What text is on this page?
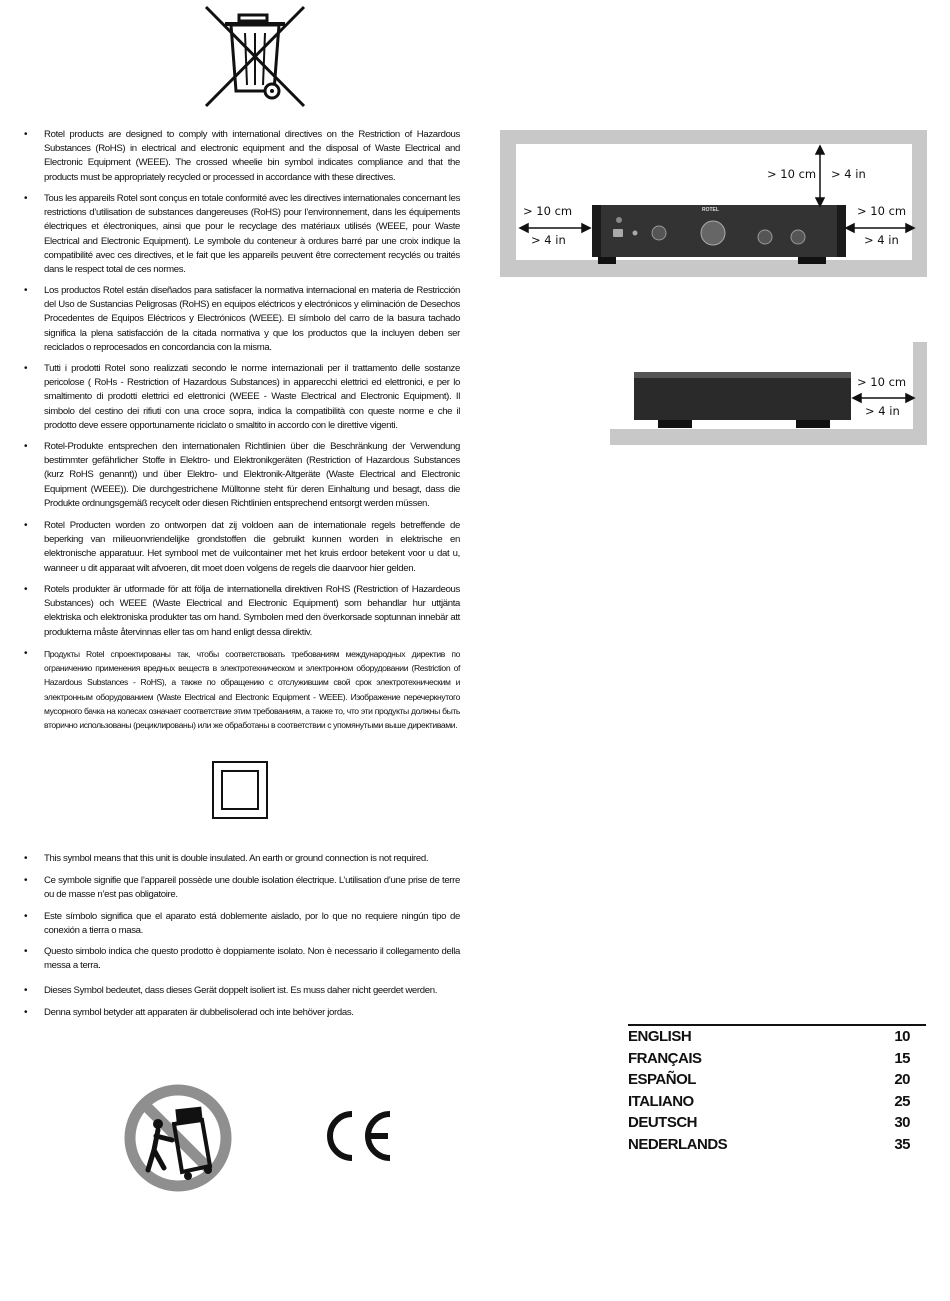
• Rotel products are designed to comply with international directives on the Restriction of Hazardous Substances (RoHS) in electrical and electronic equipment and the disposal of Waste Electrical and Electronic Equipment (WEEE). The crossed wheelie bin symbol indicates compliance and that the products must be appropriately recycled or processed in accordance with these directives.
• Tous les appareils Rotel sont conçus en totale conformité avec les directives internationales concernant les restrictions d’utilisation de substances dangereuses (RoHS) pour l’environnement, dans les équipements électriques et électroniques, ainsi que pour le recyclage des matériaux utilisés (WEEE, pour Waste Electrical and Electronic Equipment). Le symbole du conteneur à ordures barré par une croix indique la compatibilité avec ces directives, et le fait que les appareils peuvent être correctement recyclés ou traités dans le respect total de ces normes.
• Los productos Rotel están diseñados para satisfacer la normativa internacional en materia de Restricción del Uso de Sustancias Peligrosas (RoHS) en equipos eléctricos y electrónicos y eliminación de Desechos Procedentes de Equipos Eléctricos y Electrónicos (WEEE). El símbolo del carro de la basura tachado significa la plena satisfacción de la citada normativa y que los productos que la incluyen deben ser reciclados o reprocesados en concordancia con la misma.
• Tutti i prodotti Rotel sono realizzati secondo le norme internazionali per il trattamento delle sostanze pericolose ( RoHs - Restriction of Hazardous Substances) in apparecchi elettrici ed elettronici, e per lo smaltimento di prodotti elettrici ed elettronici (WEEE - Waste Electrical and Electronic Equipment). Il simbolo del cestino dei rifiuti con una croce sopra, indica la compatibilità con queste norme e che il prodotto deve essere opportunamente riciclato o smaltito in accordo con le direttive vigenti.
• Rotel-Produkte entsprechen den internationalen Richtlinien über die Beschränkung der Verwendung bestimmter gefährlicher Stoffe in Elektro- und Elektronikgeräten (Restriction of Hazardous Substances (kurz RoHS genannt)) und über Elektro- und Elektronik-Altgeräte (Waste Electrical and Electronic Equipment (WEEE)). Die durchgestrichene Mülltonne steht für deren Einhaltung und besagt, dass die Produkte ordnungsgemäß recycelt oder diesen Richtlinien entsprechend entsorgt werden müssen.
• Rotel Producten worden zo ontworpen dat zij voldoen aan de internationale regels betreffende de beperking van milieuonvriendelijke grondstoffen die gebruikt kunnen worden in elektrische en elektronische apparatuur. Het symbool met de vuilcontainer met het kruis erdoor betekent voor u dat u, wanneer u dit apparaat wilt afvoeren, dit moet doen volgens de regels die daarvoor hier gelden.
• Rotels produkter är utformade för att följa de internationella direktiven RoHS (Restriction of Hazardeous Substances) och WEEE (Waste Electrical and Electronic Equipment) som behandlar hur uttjänta elektriska och elektroniska produkter tas om hand. Symbolen med den överkorsade soptunnan innebär att produkterna måste återvinnas eller tas om hand enligt dessa direktiv.
• Продукты Rotel спроектированы так, чтобы соответствовать требованиям международных директив по ограничению применения вредных веществ в электротехническом и электронном оборудовании (Restriction of Hazardous Substances - RoHS), а также по обращению с отслужившим свой срок электротехническим и электронным оборудованием (Waste Electrical and Electronic Equipment - WEEE). Изображение перечеркнутого мусорного бачка на колесах означает соответствие этим требованиям, а также то, что эти продукты должны быть вторично использованы (рециклированы) или же обработаны в соответствии с упомянутыми выше директивами.
• This symbol means that this unit is double insulated. An earth or ground connection is not required.
• Ce symbole signifie que l’appareil possède une double isolation électrique. L’utilisation d’une prise de terre ou de masse n’est pas obligatoire.
• Este símbolo significa que el aparato está doblemente aislado, por lo que no requiere ningún tipo de conexión a tierra o masa.
• Questo simbolo indica che questo prodotto è doppiamente isolato. Non è necessario il collegamento della messa a terra.
• Dieses Symbol bedeutet, dass dieses Gerät doppelt isoliert ist. Es muss daher nicht geerdet werden.
• Denna symbol betyder att apparaten är dubbelisolerad och inte behöver jordas.
ROTEL
> 10 cm > 4 in
> 10 cm
> 4 in
> 10 cm
> 4 in
> 10 cm
> 4 in
ENGLISH	10
FRANÇAIS	15
ESPAÑOL	20
ITALIANO	25
DEUTSCH	30
NEDERLANDS	35
